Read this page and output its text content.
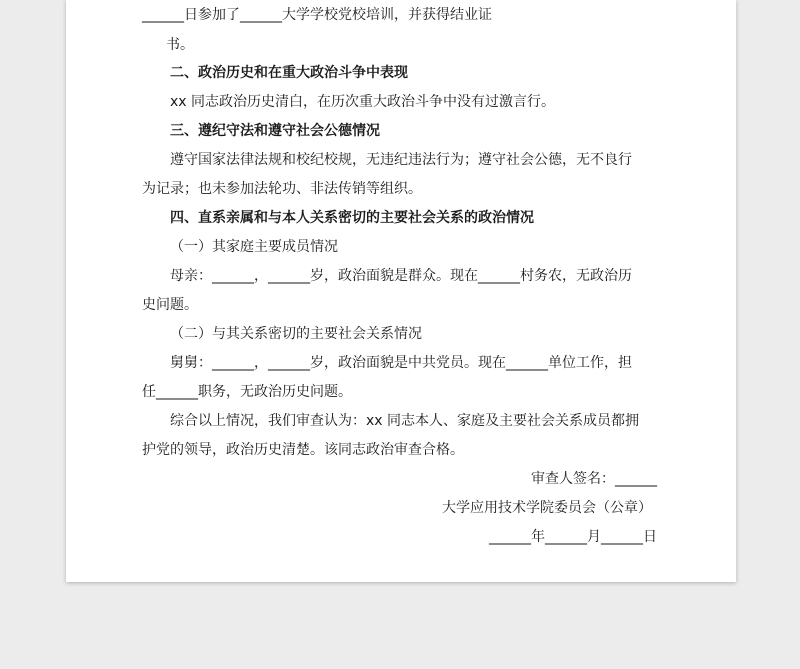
______日参加了______大学学校党校培训，并获得结业证
书。
二、政治历史和在重大政治斗争中表现
xx 同志政治历史清白，在历次重大政治斗争中没有过激言行。
三、遵纪守法和遵守社会公德情况
遵守国家法律法规和校纪校规，无违纪违法行为；遵守社会公德，无不良行
为记录；也未参加法轮功、非法传销等组织。
四、直系亲属和与本人关系密切的主要社会关系的政治情况
（一）其家庭主要成员情况
母亲：______，______岁，政治面貌是群众。现在______村务农，无政治历
史问题。
（二）与其关系密切的主要社会关系情况
舅舅：______，______岁，政治面貌是中共党员。现在______单位工作，担
任______职务，无政治历史问题。
综合以上情况，我们审查认为：xx 同志本人、家庭及主要社会关系成员都拥
护党的领导，政治历史清楚。该同志政治审查合格。
审查人签名：______
大学应用技术学院委员会（公章）
______年______月______日
